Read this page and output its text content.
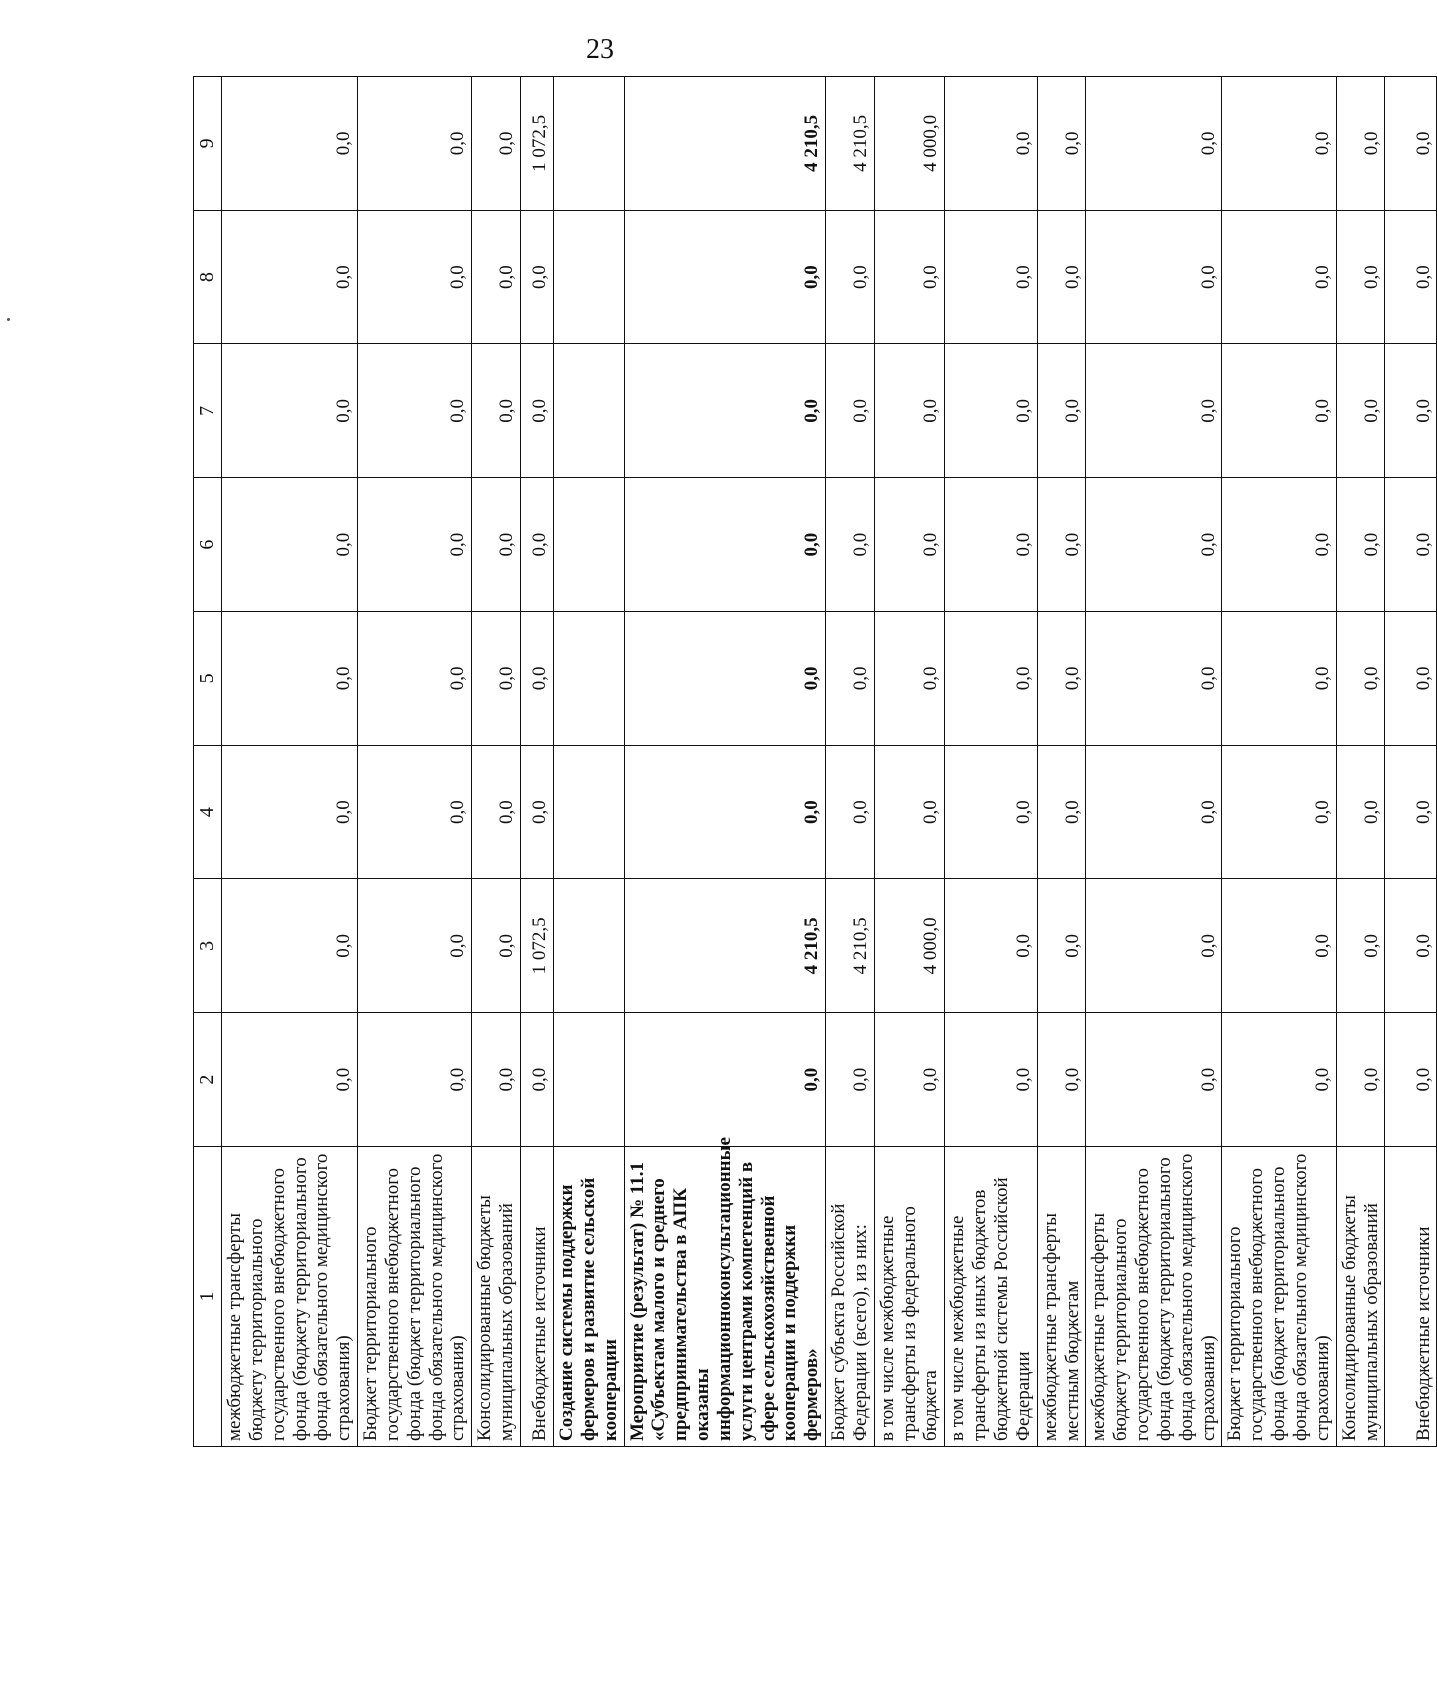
23
1	2	3	4	5	6	7	8	9
межбюджетные трансферты бюджету территориального государственного внебюджетного фонда (бюджету территориального фонда обязательного медицинского страхования)	0,0	0,0	0,0	0,0	0,0	0,0	0,0	0,0
Бюджет территориального государственного внебюджетного фонда (бюджет территориального фонда обязательного медицинского страхования)	0,0	0,0	0,0	0,0	0,0	0,0	0,0	0,0
Консолидированные бюджеты муниципальных образований	0,0	0,0	0,0	0,0	0,0	0,0	0,0	0,0
Внебюджетные источники	0,0	1 072,5	0,0	0,0	0,0	0,0	0,0	1 072,5
Создание системы поддержки фермеров и развитие сельской кооперации								
Мероприятие (результат) № 11.1 «Субъектам малого и среднего предпринимательства в АПК оказаны информационноконсультационные услуги центрами компетенций в сфере сельскохозяйственной кооперации и поддержки фермеров»	0,0	4 210,5	0,0	0,0	0,0	0,0	0,0	4 210,5
Бюджет субъекта Российской Федерации (всего), из них:	0,0	4 210,5	0,0	0,0	0,0	0,0	0,0	4 210,5
в том числе межбюджетные трансферты из федерального бюджета	0,0	4 000,0	0,0	0,0	0,0	0,0	0,0	4 000,0
в том числе межбюджетные трансферты из иных бюджетов бюджетной системы Российской Федерации	0,0	0,0	0,0	0,0	0,0	0,0	0,0	0,0
межбюджетные трансферты местным бюджетам	0,0	0,0	0,0	0,0	0,0	0,0	0,0	0,0
межбюджетные трансферты бюджету территориального государственного внебюджетного фонда (бюджету территориального фонда обязательного медицинского страхования)	0,0	0,0	0,0	0,0	0,0	0,0	0,0	0,0
Бюджет территориального государственного внебюджетного фонда (бюджет территориального фонда обязательного медицинского страхования)	0,0	0,0	0,0	0,0	0,0	0,0	0,0	0,0
Консолидированные бюджеты муниципальных образований	0,0	0,0	0,0	0,0	0,0	0,0	0,0	0,0
Внебюджетные источники	0,0	0,0	0,0	0,0	0,0	0,0	0,0	0,0
